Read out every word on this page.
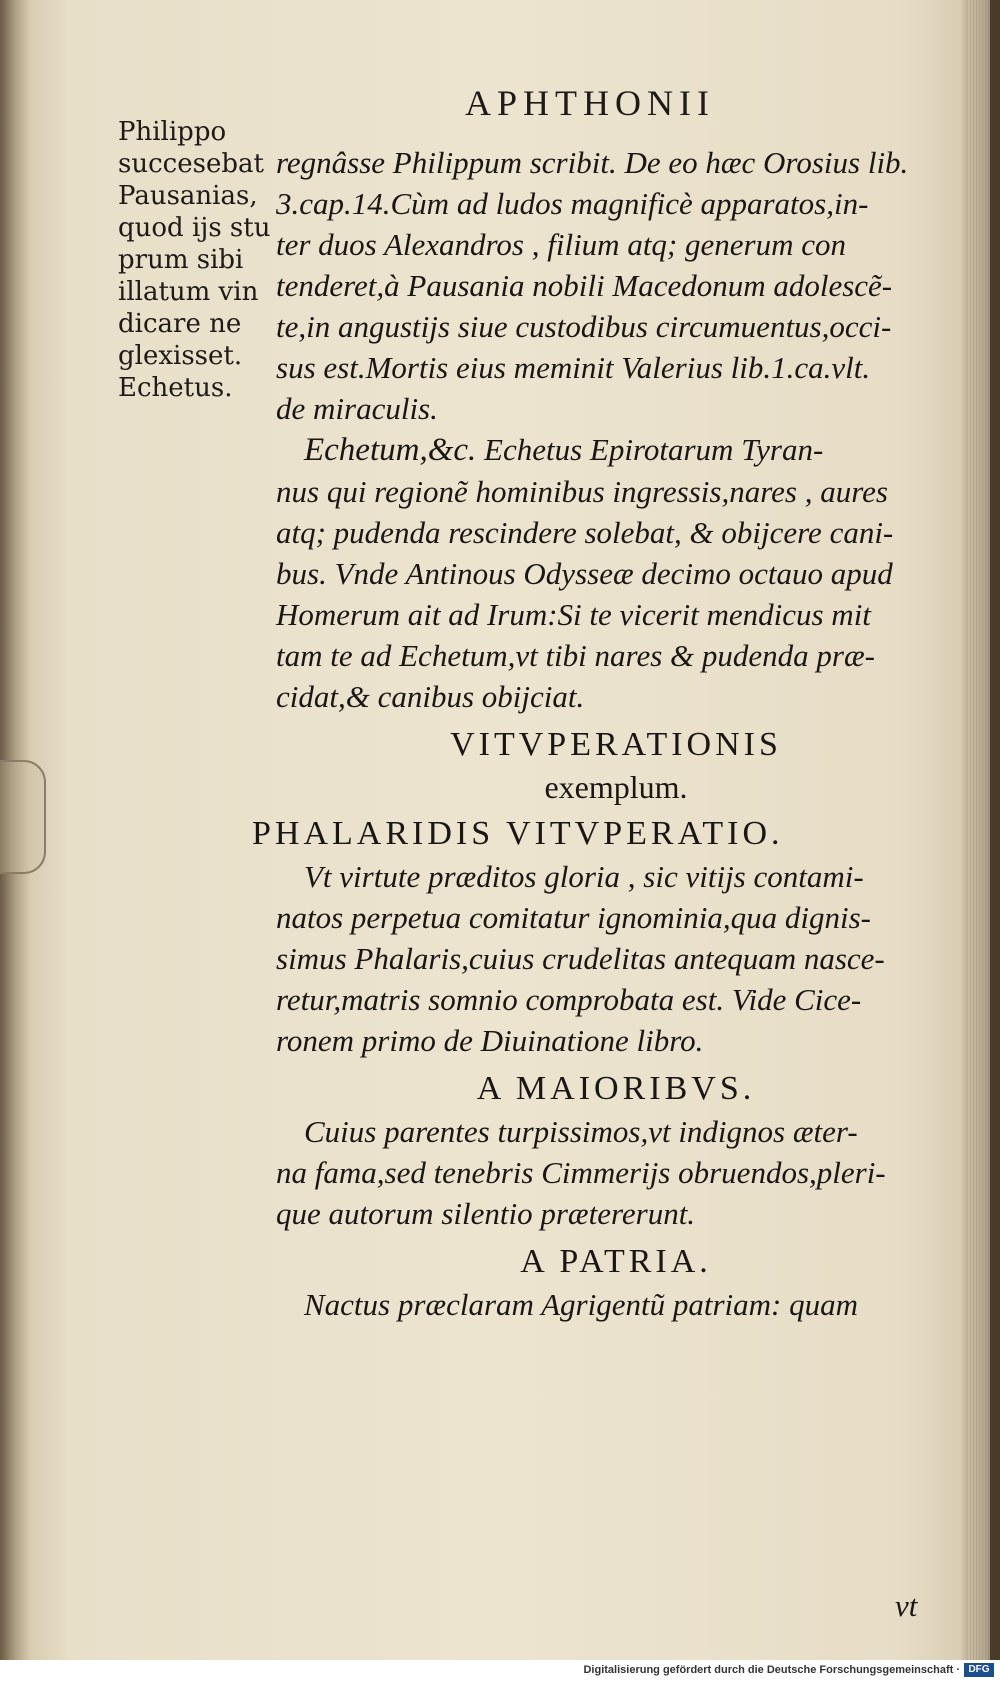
APHTHONII
Philippo
succesebat
Pausanias,
quod ijs stu
prum sibi
illatum vin
dicare ne
glexisset.
Echetus.
regnâsse Philippum scribit. De eo hæc Orosius lib.
3.cap.14.Cùm ad ludos magnificè apparatos,in-
ter duos Alexandros , filium atq; generum con
tenderet,à Pausania nobili Macedonum adolescẽ-
te,in angustijs siue custodibus circumuentus,occi-
sus est.Mortis eius meminit Valerius lib.1.ca.vlt.
de miraculis.
Echetum,&c. Echetus Epirotarum Tyran-
nus qui regionẽ hominibus ingressis,nares , aures
atq; pudenda rescindere solebat, & obijcere cani-
bus. Vnde Antinous Odysseæ decimo octauo apud
Homerum ait ad Irum:Si te vicerit mendicus mit
tam te ad Echetum,vt tibi nares & pudenda præ-
cidat,& canibus obijciat.
VITVPERATIONIS
exemplum.
PHALARIDIS VITVPERATIO.
Vt virtute præditos gloria , sic vitijs contami-
natos perpetua comitatur ignominia,qua dignis-
simus Phalaris,cuius crudelitas antequam nasce-
retur,matris somnio comprobata est. Vide Cice-
ronem primo de Diuinatione libro.
A MAIORIBVS.
Cuius parentes turpissimos,vt indignos æter-
na fama,sed tenebris Cimmerijs obruendos,pleri-
que autorum silentio prætererunt.
A PATRIA.
Nactus præclaram Agrigentũ patriam: quam
vt
Digitalisierung gefördert durch die Deutsche Forschungsgemeinschaft · DFG
